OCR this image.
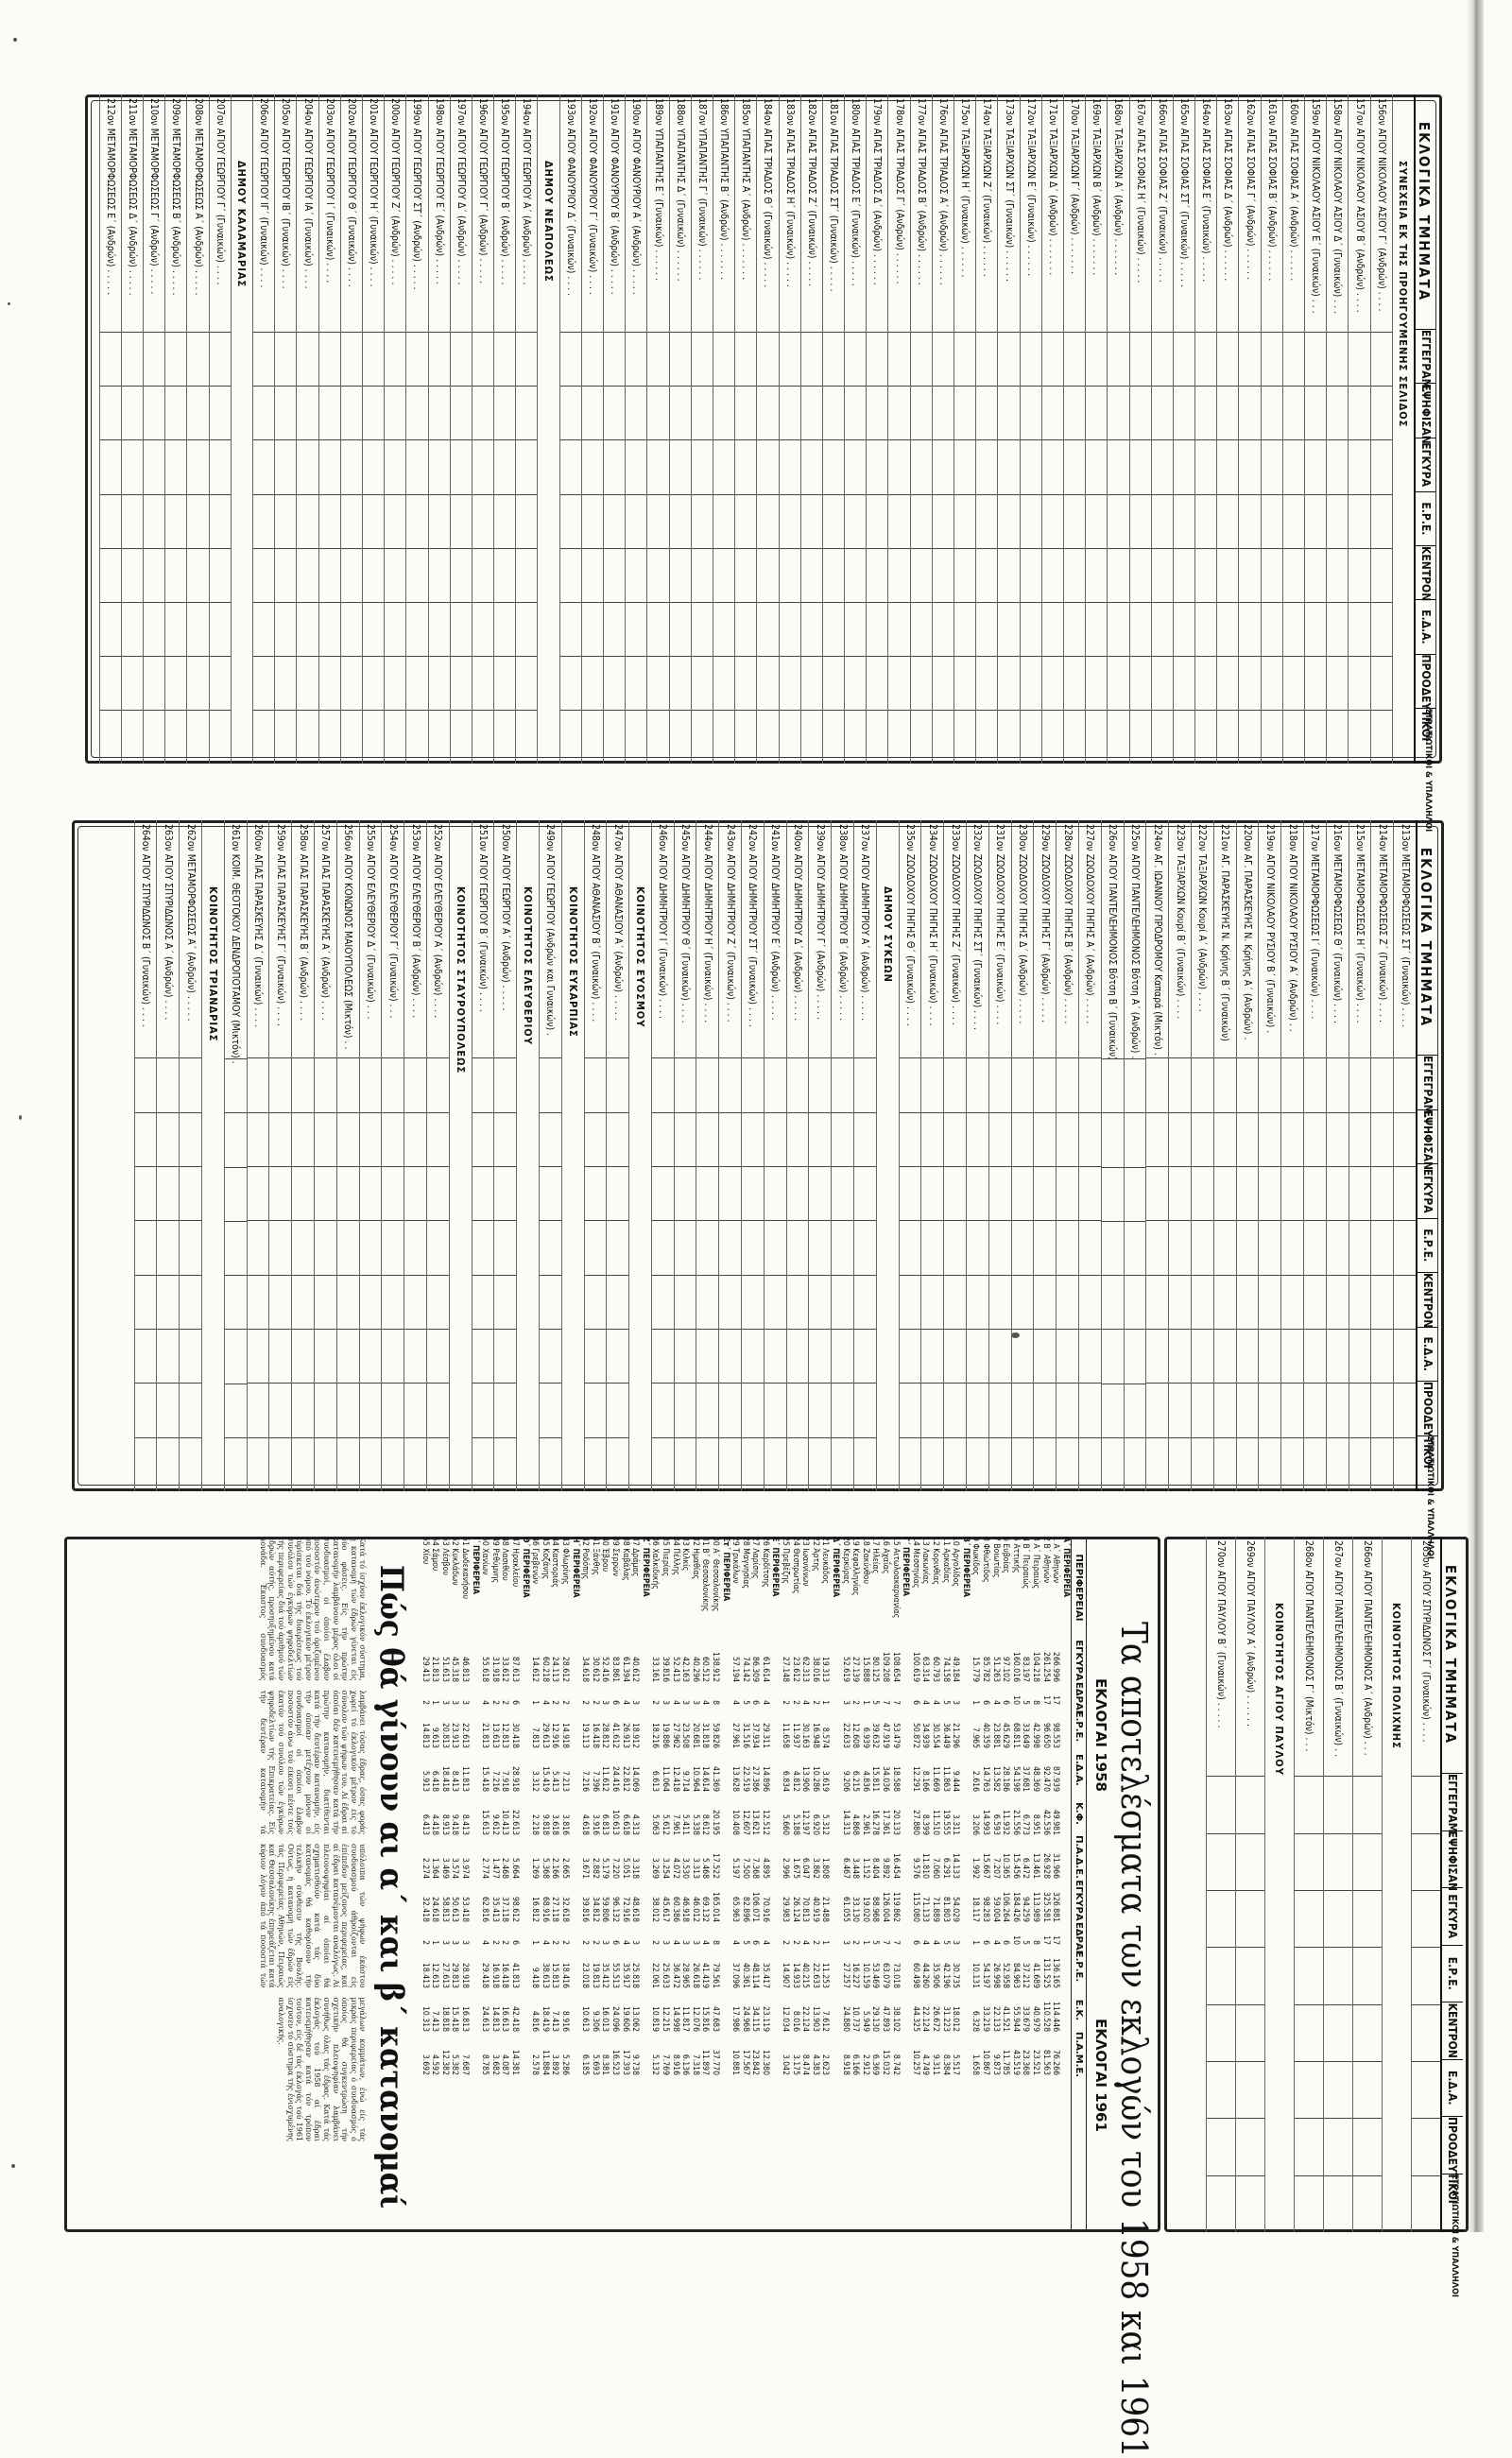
ΕΚΛΟΓΙΚΑ ΤΜΗΜΑΤΑ
ΕΓΓΕΓΡΑΜ.
ΕΨΗΦΙΣΑΝ
ΕΓΚΥΡΑ
Ε.Ρ.Ε.
ΚΕΝΤΡΟΝ
Ε.Δ.Α.
ΠΡΟΟΔΕΥΤΙΚΟΙ
ΣΤΡΑΤΙΩΤΙΚΟΙ & ΥΠΑΛΛΗΛΟΙ
ΣΥΝΕΧΕΙΑ ΕΚ ΤΗΣ ΠΡΟΗΓΟΥΜΕΝΗΣ ΣΕΛΙΔΟΣ
156ον ΑΓΙΟΥ ΝΙΚΟΛΑΟΥ ΑΣΙΟΥ Γ΄ (Ανδρών) . . . .
157ον ΑΓΙΟΥ ΝΙΚΟΛΑΟΥ ΑΣΙΟΥ Β΄ (Ανδρών) . . . .
158ον ΑΓΙΟΥ ΝΙΚΟΛΑΟΥ ΑΣΙΟΥ Δ΄ (Γυναικών) . . .
159ον ΑΓΙΟΥ ΝΙΚΟΛΑΟΥ ΑΣΙΟΥ Ε΄ (Γυναικών) . . .
160ον ΑΓΙΑΣ ΣΟΦΙΑΣ Α΄ (Ανδρών) . . . . . .
161ον ΑΓΙΑΣ ΣΟΦΙΑΣ Β΄ (Ανδρών) . . . . . .
162ον ΑΓΙΑΣ ΣΟΦΙΑΣ Γ΄ (Ανδρών) . . . . . .
163ον ΑΓΙΑΣ ΣΟΦΙΑΣ Δ΄ (Ανδρών) . . . . . .
164ον ΑΓΙΑΣ ΣΟΦΙΑΣ Ε΄ (Γυναικών) . . . . .
165ον ΑΓΙΑΣ ΣΟΦΙΑΣ ΣΤ΄ (Γυναικών) . . . . .
166ον ΑΓΙΑΣ ΣΟΦΙΑΣ Ζ΄ (Γυναικών) . . . . .
167ον ΑΓΙΑΣ ΣΟΦΙΑΣ Η΄ (Γυναικών) . . . . .
168ον ΤΑΞΙΑΡΧΩΝ Α΄ (Ανδρών) . . . . . . .
169ον ΤΑΞΙΑΡΧΩΝ Β΄ (Ανδρών) . . . . . . .
170ον ΤΑΞΙΑΡΧΩΝ Γ΄ (Ανδρών) . . . . . . .
171ον ΤΑΞΙΑΡΧΩΝ Δ΄ (Ανδρών) . . . . . . .
172ον ΤΑΞΙΑΡΧΩΝ Ε΄ (Γυναικών) . . . . . .
173ον ΤΑΞΙΑΡΧΩΝ ΣΤ΄ (Γυναικών) . . . . . .
174ον ΤΑΞΙΑΡΧΩΝ Ζ΄ (Γυναικών) . . . . . .
175ον ΤΑΞΙΑΡΧΩΝ Η΄ (Γυναικών) . . . . . .
176ον ΑΓΙΑΣ ΤΡΙΑΔΟΣ Α΄ (Ανδρών) . . . . . .
177ον ΑΓΙΑΣ ΤΡΙΑΔΟΣ Β΄ (Ανδρών) . . . . . .
178ον ΑΓΙΑΣ ΤΡΙΑΔΟΣ Γ΄ (Ανδρών) . . . . . .
179ον ΑΓΙΑΣ ΤΡΙΑΔΟΣ Δ΄ (Ανδρών) . . . . . .
180ον ΑΓΙΑΣ ΤΡΙΑΔΟΣ Ε΄ (Γυναικών) . . . . .
181ον ΑΓΙΑΣ ΤΡΙΑΔΟΣ ΣΤ΄ (Γυναικών) . . . . .
182ον ΑΓΙΑΣ ΤΡΙΑΔΟΣ Ζ΄ (Γυναικών) . . . . .
183ον ΑΓΙΑΣ ΤΡΙΑΔΟΣ Η΄ (Γυναικών) . . . . .
184ον ΑΓΙΑΣ ΤΡΙΑΔΟΣ Θ΄ (Γυναικών) . . . . .
185ον ΥΠΑΠΑΝΤΗΣ Α΄ (Ανδρών) . . . . . . .
186ον ΥΠΑΠΑΝΤΗΣ Β΄ (Ανδρών) . . . . . . .
187ον ΥΠΑΠΑΝΤΗΣ Γ΄ (Γυναικών) . . . . . .
188ον ΥΠΑΠΑΝΤΗΣ Δ΄ (Γυναικών) . . . . . .
189ον ΥΠΑΠΑΝΤΗΣ Ε΄ (Γυναικών) . . . . . .
190ον ΑΓΙΟΥ ΦΑΝΟΥΡΙΟΥ Α΄ (Ανδρών) . . . . .
191ον ΑΓΙΟΥ ΦΑΝΟΥΡΙΟΥ Β΄ (Ανδρών) . . . . .
192ον ΑΓΙΟΥ ΦΑΝΟΥΡΙΟΥ Γ΄ (Γυναικών) . . . .
193ον ΑΓΙΟΥ ΦΑΝΟΥΡΙΟΥ Δ΄ (Γυναικών) . . . .
ΔΗΜΟΥ ΝΕΑΠΟΛΕΩΣ
194ον ΑΓΙΟΥ ΓΕΩΡΓΙΟΥ Α΄ (Ανδρών) . . . . .
195ον ΑΓΙΟΥ ΓΕΩΡΓΙΟΥ Β΄ (Ανδρών) . . . . .
196ον ΑΓΙΟΥ ΓΕΩΡΓΙΟΥ Γ΄ (Ανδρών) . . . . .
197ον ΑΓΙΟΥ ΓΕΩΡΓΙΟΥ Δ΄ (Ανδρών) . . . . .
198ον ΑΓΙΟΥ ΓΕΩΡΓΙΟΥ Ε΄ (Ανδρών) . . . . .
199ον ΑΓΙΟΥ ΓΕΩΡΓΙΟΥ ΣΤ΄ (Ανδρών) . . . . .
200ον ΑΓΙΟΥ ΓΕΩΡΓΙΟΥ Ζ΄ (Ανδρών) . . . . .
201ον ΑΓΙΟΥ ΓΕΩΡΓΙΟΥ Η΄ (Γυναικών) . . . .
202ον ΑΓΙΟΥ ΓΕΩΡΓΙΟΥ Θ΄ (Γυναικών) . . . .
203ον ΑΓΙΟΥ ΓΕΩΡΓΙΟΥ Ι΄ (Γυναικών) . . . .
204ον ΑΓΙΟΥ ΓΕΩΡΓΙΟΥ ΙΑ΄ (Γυναικών) . . . .
205ον ΑΓΙΟΥ ΓΕΩΡΓΙΟΥ ΙΒ΄ (Γυναικών) . . . .
206ον ΑΓΙΟΥ ΓΕΩΡΓΙΟΥ ΙΓ΄ (Γυναικών) . . . .
ΔΗΜΟΥ ΚΑΛΑΜΑΡΙΑΣ
207ον ΑΓΙΟΥ ΓΕΩΡΓΙΟΥ Γ΄ (Γυναικών) . . . .
208ον ΜΕΤΑΜΟΡΦΩΣΕΩΣ Α΄ (Ανδρών) . . . . .
209ον ΜΕΤΑΜΟΡΦΩΣΕΩΣ Β΄ (Ανδρών) . . . . .
210ον ΜΕΤΑΜΟΡΦΩΣΕΩΣ Γ΄ (Ανδρών) . . . . .
211ον ΜΕΤΑΜΟΡΦΩΣΕΩΣ Δ΄ (Ανδρών) . . . . .
212ον ΜΕΤΑΜΟΡΦΩΣΕΩΣ Ε΄ (Ανδρών) . . . . .
ΕΚΛΟΓΙΚΑ ΤΜΗΜΑΤΑ
ΕΓΓΕΓΡΑΜ.
ΕΨΗΦΙΣΑΝ
ΕΓΚΥΡΑ
Ε.Ρ.Ε.
ΚΕΝΤΡΟΝ
Ε.Δ.Α.
ΠΡΟΟΔΕΥΤΙΚΟΙ
ΣΤΡΑΤΙΩΤΙΚΟΙ & ΥΠΑΛΛΗΛΟΙ
213ον ΜΕΤΑΜΟΡΦΩΣΕΩΣ ΣΤ΄ (Γυναικών) . . . .
214ον ΜΕΤΑΜΟΡΦΩΣΕΩΣ Ζ΄ (Γυναικών) . . . .
215ον ΜΕΤΑΜΟΡΦΩΣΕΩΣ Η΄ (Γυναικών) . . . .
216ον ΜΕΤΑΜΟΡΦΩΣΕΩΣ Θ΄ (Γυναικών) . . . .
217ον ΜΕΤΑΜΟΡΦΩΣΕΩΣ Ι΄ (Γυναικών) . . . .
218ον ΑΓΙΟΥ ΝΙΚΟΛΑΟΥ ΡΥΣΙΟΥ Α΄ (Ανδρών) . .
219ον ΑΓΙΟΥ ΝΙΚΟΛΑΟΥ ΡΥΣΙΟΥ Β΄ (Γυναικών) .
220ον ΑΓ. ΠΑΡΑΣΚΕΥΗΣ Ν. Κρήνης Α΄ (Ανδρών) .
221ον ΑΓ. ΠΑΡΑΣΚΕΥΗΣ Ν. Κρήνης Β΄ (Γυναικών)
222ον ΤΑΞΙΑΡΧΩΝ Κουρί Α΄ (Ανδρών) . . . .
223ον ΤΑΞΙΑΡΧΩΝ Κουρί Β΄ (Γυναικών) . . . .
224ον ΑΓ. ΙΩΑΝΝΟΥ ΠΡΟΔΡΟΜΟΥ Καπαρά (Μικτόν) .
225ον ΑΓΙΟΥ ΠΑΝΤΕΛΕΗΜΟΝΟΣ Βότση Α΄ (Ανδρών) .
226ον ΑΓΙΟΥ ΠΑΝΤΕΛΕΗΜΟΝΟΣ Βότση Β΄ (Γυναικών)
227ον ΖΩΟΔΟΧΟΥ ΠΗΓΗΣ Α΄ (Ανδρών) . . . . .
228ον ΖΩΟΔΟΧΟΥ ΠΗΓΗΣ Β΄ (Ανδρών) . . . . .
229ον ΖΩΟΔΟΧΟΥ ΠΗΓΗΣ Γ΄ (Ανδρών) . . . . .
230ον ΖΩΟΔΟΧΟΥ ΠΗΓΗΣ Δ΄ (Ανδρών) . . . . .
231ον ΖΩΟΔΟΧΟΥ ΠΗΓΗΣ Ε΄ (Γυναικών) . . . .
232ον ΖΩΟΔΟΧΟΥ ΠΗΓΗΣ ΣΤ΄ (Γυναικών) . . . .
233ον ΖΩΟΔΟΧΟΥ ΠΗΓΗΣ Ζ΄ (Γυναικών) . . . .
234ον ΖΩΟΔΟΧΟΥ ΠΗΓΗΣ Η΄ (Γυναικών) . . . .
235ον ΖΩΟΔΟΧΟΥ ΠΗΓΗΣ Θ΄ (Γυναικών) . . . .
ΔΗΜΟΥ ΣΥΚΕΩΝ
237ον ΑΓΙΟΥ ΔΗΜΗΤΡΙΟΥ Α΄ (Ανδρών) . . . . .
238ον ΑΓΙΟΥ ΔΗΜΗΤΡΙΟΥ Β΄ (Ανδρών) . . . . .
239ον ΑΓΙΟΥ ΔΗΜΗΤΡΙΟΥ Γ΄ (Ανδρών) . . . . .
240ον ΑΓΙΟΥ ΔΗΜΗΤΡΙΟΥ Δ΄ (Ανδρών) . . . . .
241ον ΑΓΙΟΥ ΔΗΜΗΤΡΙΟΥ Ε΄ (Ανδρών) . . . . .
242ον ΑΓΙΟΥ ΔΗΜΗΤΡΙΟΥ ΣΤ΄ (Γυναικών) . . . .
243ον ΑΓΙΟΥ ΔΗΜΗΤΡΙΟΥ Ζ΄ (Γυναικών) . . . .
244ον ΑΓΙΟΥ ΔΗΜΗΤΡΙΟΥ Η΄ (Γυναικών) . . . .
245ον ΑΓΙΟΥ ΔΗΜΗΤΡΙΟΥ Θ΄ (Γυναικών) . . . .
246ον ΑΓΙΟΥ ΔΗΜΗΤΡΙΟΥ Ι΄ (Γυναικών) . . . .
ΚΟΙΝΟΤΗΤΟΣ ΕΥΟΣΜΟΥ
247ον ΑΓΙΟΥ ΑΘΑΝΑΣΙΟΥ Α΄ (Ανδρών) . . . . .
248ον ΑΓΙΟΥ ΑΘΑΝΑΣΙΟΥ Β΄ (Γυναικών) . . . .
ΚΟΙΝΟΤΗΤΟΣ ΕΥΚΑΡΠΙΑΣ
249ον ΑΓΙΟΥ ΓΕΩΡΓΙΟΥ (Ανδρών και Γυναικών) .
ΚΟΙΝΟΤΗΤΟΣ ΕΛΕΥΘΕΡΙΟΥ
250ον ΑΓΙΟΥ ΓΕΩΡΓΙΟΥ Α΄ (Ανδρών) . . . . .
251ον ΑΓΙΟΥ ΓΕΩΡΓΙΟΥ Β΄ (Γυναικών) . . . .
ΚΟΙΝΟΤΗΤΟΣ ΣΤΑΥΡΟΥΠΟΛΕΩΣ
252ον ΑΓΙΟΥ ΕΛΕΥΘΕΡΙΟΥ Α΄ (Ανδρών) . . . .
253ον ΑΓΙΟΥ ΕΛΕΥΘΕΡΙΟΥ Β΄ (Ανδρών) . . . .
254ον ΑΓΙΟΥ ΕΛΕΥΘΕΡΙΟΥ Γ΄ (Γυναικών) . . .
255ον ΑΓΙΟΥ ΕΛΕΥΘΕΡΙΟΥ Δ΄ (Γυναικών) . . .
256ον ΑΓΙΟΥ ΚΟΝΩΝΟΣ ΜΑΙΟΥΠΟΛΕΩΣ (Μικτόν) . .
257ον ΑΓΙΑΣ ΠΑΡΑΣΚΕΥΗΣ Α΄ (Ανδρών) . . . .
258ον ΑΓΙΑΣ ΠΑΡΑΣΚΕΥΗΣ Β΄ (Ανδρών) . . . .
259ον ΑΓΙΑΣ ΠΑΡΑΣΚΕΥΗΣ Γ΄ (Γυναικών) . . . .
260ον ΑΓΙΑΣ ΠΑΡΑΣΚΕΥΗΣ Δ΄ (Γυναικών) . . . .
261ον ΚΟΙΜ. ΘΕΟΤΟΚΟΥ ΔΕΝΔΡΟΠΟΤΑΜΟΥ (Μικτόν) .
ΚΟΙΝΟΤΗΤΟΣ ΤΡΙΑΝΔΡΙΑΣ
262ον ΜΕΤΑΜΟΡΦΩΣΕΩΣ Α΄ (Ανδρών) . . . . .
263ον ΑΓΙΟΥ ΣΠΥΡΙΔΩΝΟΣ Α΄ (Ανδρών) . . . .
264ον ΑΓΙΟΥ ΣΠΥΡΙΔΩΝΟΣ Β΄ (Γυναικών) . . . .
ΕΚΛΟΓΙΚΑ ΤΜΗΜΑΤΑ
ΕΓΓΕΓΡΑΜ.
ΕΨΗΦΙΣΑΝ
ΕΓΚΥΡΑ
Ε.Ρ.Ε.
ΚΕΝΤΡΟΝ
Ε.Δ.Α.
ΠΡΟΟΔΕΥΤΙΚΟΙ
ΣΤΡΑΤΙΩΤΙΚΟΙ & ΥΠΑΛΛΗΛΟΙ
265ον ΑΓΙΟΥ ΣΠΥΡΙΔΩΝΟΣ Γ΄ (Γυναικών) . . . .
ΚΟΙΝΟΤΗΤΟΣ ΠΟΛΙΧΝΗΣ
266ον ΑΓΙΟΥ ΠΑΝΤΕΛΕΗΜΟΝΟΣ Α΄ (Ανδρών) . . .
267ον ΑΓΙΟΥ ΠΑΝΤΕΛΕΗΜΟΝΟΣ Β΄ (Γυναικών) . .
268ον ΑΓΙΟΥ ΠΑΝΤΕΛΕΗΜΟΝΟΣ Γ΄ (Μικτόν) . . .
ΚΟΙΝΟΤΗΤΟΣ ΑΓΙΟΥ ΠΑΥΛΟΥ
269ον ΑΓΙΟΥ ΠΑΥΛΟΥ Α΄ (Ανδρών) . . . . . .
270ον ΑΓΙΟΥ ΠΑΥΛΟΥ Β΄ (Γυναικών) . . . . .
Τα αποτελέσματα των εκλογών του 1958 και 1961
ΕΚΛΟΓΑΙ 1958
ΕΚΛΟΓΑΙ 1961
ΠΕΡΙΦΕΡΕΙΑΙ
ΕΓΚΥΡΑ
ΕΔΡΑΙ
Ε.Ρ.Ε.
Ε.Δ.Α.
Κ.Φ.
Π.Α.Δ.Ε.
ΕΓΚΥΡΑ
ΕΔΡΑΙ
Ε.Ρ.Ε.
Ε.Κ.
Π.Α.Μ.Ε.
Α΄ ΠΕΡΙΦΕΡΕΙΑ
1 Α΄ Αθηνών
266.996
17
98.553
87.939
49.981
31.966
326.881
17
136.165
114.446
76.266
2 Β΄ Αθηνών
261.254
17
96.650
92.470
42.536
26.928
325.581
17
131.525
110.528
81.563
3 Α΄ Πειραιώς
104.218
8
42.998
48.369
8.951
13.461
113.989
8
41.689
40.979
23.521
4 Β΄ Πειραιώς
83.197
5
33.649
37.681
6.773
6.472
94.259
5
37.212
33.679
23.368
5 Αττικής
160.016
10
68.811
54.198
21.556
15.456
184.426
10
84.963
55.944
43.519
6 Ευβοίας
97.102
6
45.629
28.186
11.932
10.365
106.264
6
52.958
41.521
11.785
7 Βοιωτίας
51.263
4
23.881
13.582
6.593
7.207
59.004
4
26.998
22.133
9.873
8 Φθιώτιδος
85.782
6
40.359
14.763
14.993
15.667
98.283
6
54.197
33.219
10.867
9 Φωκίδος
15.779
1
7.965
2.616
3.206
1.992
18.117
1
10.131
6.328
1.658
Β΄ ΠΕΡΙΦΕΡΕΙΑ
10 Αργολίδος
49.184
3
21.296
9.444
3.311
14.133
54.029
3
30.735
18.012
5.517
11 Αρκαδίας
74.158
5
36.449
11.863
19.555
6.291
81.803
5
42.196
31.223
8.384
12 Κορινθίας
60.793
4
30.554
11.669
11.510
7.060
71.889
4
35.906
26.672
9.311
13 Λακωνίας
63.314
4
34.939
8.166
8.399
11.810
71.133
4
44.260
22.124
4.749
14 Μεσσηνίας
100.619
6
50.872
12.291
27.880
9.576
115.080
6
60.498
44.325
10.257
Γ΄ ΠΕΡΙΦΕΡΕΙΑ
15 Αιτωλοακαρνανίας
108.654
7
53.479
18.588
20.133
16.454
119.862
7
73.018
38.102
8.742
16 Αχαΐας
109.208
7
47.919
34.036
17.361
9.892
126.004
7
63.079
47.893
15.032
17 Ηλείας
80.125
5
39.632
15.811
16.278
8.404
88.968
5
53.469
29.130
6.369
18 Ζακύνθου
15.888
1
6.939
4.836
2.961
1.152
19.020
1
10.159
5.949
2.912
19 Κεφαλληνίας
27.139
2
12.608
6.215
4.868
3.448
33.130
2
16.227
10.737
6.166
20 Κερκύρας
52.619
3
22.633
9.206
14.313
6.467
61.055
3
27.257
24.880
8.918
Δ΄ ΠΕΡΙΦΕΡΕΙΑ
21 Λευκάδος
19.313
1
8.574
3.619
5.312
1.808
21.488
1
11.253
7.612
2.623
22 Άρτης
38.016
2
16.948
10.286
6.920
3.862
40.919
2
22.633
13.903
4.383
23 Ιωαννίνων
62.313
4
30.163
13.906
12.197
6.047
70.813
4
40.215
22.124
8.474
24 Θεσπρωτίας
23.612
2
11.937
4.812
5.188
1.675
26.124
2
14.933
8.016
3.175
25 Πρεβέζης
27.148
2
11.658
6.834
5.660
2.996
29.983
2
14.907
12.034
3.042
Ε΄ ΠΕΡΙΦΕΡΕΙΑ
26 Καρδίτσης
61.614
4
29.311
14.896
12.512
4.895
70.916
4
35.417
23.119
12.380
27 Λαρίσης
86.309
6
37.934
27.386
13.621
7.368
106.071
6
48.114
34.115
23.842
28 Μαγνησίας
74.142
5
31.516
22.519
12.607
7.500
82.896
5
40.361
24.968
17.567
29 Τρικάλων
57.194
4
27.961
13.628
10.408
5.197
65.963
4
37.096
17.986
10.881
Στ΄ ΠΕΡΙΦΕΡΕΙΑ
30 Α΄ Θεσσαλονίκης
138.912
8
59.826
41.369
20.195
17.522
165.014
8
79.561
47.683
37.770
31 Β΄ Θεσσαλονίκης
60.512
4
31.818
14.614
8.612
5.468
69.132
4
41.419
15.816
11.897
32 Ημαθίας
40.296
3
20.681
10.964
5.338
3.313
46.012
3
26.618
12.076
7.318
33 Κιλκίς
42.163
3
23.508
9.714
5.411
3.530
46.918
3
28.965
11.817
6.136
34 Πέλλης
52.413
4
27.962
12.418
7.961
4.072
60.386
4
36.472
14.998
8.916
35 Πιερίας
39.816
3
19.886
11.064
5.612
3.254
45.617
3
25.633
12.215
7.769
36 Χαλκιδικής
33.161
2
18.216
6.613
5.063
3.269
38.012
2
22.061
10.819
5.132
Ζ΄ ΠΕΡΙΦΕΡΕΙΑ
37 Δράμας
40.612
3
18.912
14.069
4.313
3.318
48.618
3
25.818
13.062
9.738
38 Καβάλας
61.394
4
26.913
22.812
6.618
5.051
72.916
4
35.917
19.606
17.393
39 Σερρών
83.861
6
41.612
24.416
10.613
7.220
96.132
6
55.513
24.096
16.523
40 Έβρου
52.416
3
28.812
11.612
6.813
5.179
59.806
3
35.412
16.013
8.381
41 Ξάνθης
30.612
2
16.418
7.396
3.916
2.882
34.812
2
19.813
9.306
5.693
42 Ροδόπης
34.618
2
19.113
7.216
4.618
3.671
39.816
2
23.018
10.613
6.185
Η΄ ΠΕΡΙΦΕΡΕΙΑ
43 Φλωρίνης
28.612
2
14.918
7.213
3.816
2.665
32.618
2
18.416
8.916
5.286
44 Καστοριάς
24.113
2
12.916
5.413
3.618
2.166
27.118
2
15.813
7.413
3.892
45 Κοζάνης
60.218
4
29.613
15.419
9.818
5.368
68.916
4
38.613
18.419
11.884
46 Γρεβενών
14.612
1
7.813
3.312
2.218
1.269
16.812
1
9.418
4.816
2.578
Θ΄ ΠΕΡΙΦΕΡΕΙΑ
47 Ηρακλείου
87.613
6
30.418
28.918
22.613
5.664
98.612
6
41.813
42.418
14.381
48 Λασιθίου
33.612
2
12.813
7.918
10.413
2.468
37.118
2
16.418
16.613
4.087
49 Ρεθύμνης
31.918
2
13.613
7.216
9.612
1.477
35.413
2
16.918
14.813
3.682
50 Χανίων
55.618
4
21.813
15.418
15.613
2.774
62.816
4
29.418
24.613
8.785
Ι΄ ΠΕΡΙΦΕΡΕΙΑ
51 Δωδεκανήσου
46.813
3
22.613
11.813
8.413
3.974
53.418
3
28.918
16.813
7.687
52 Κυκλάδων
45.318
3
23.913
8.413
9.418
3.574
50.613
3
29.813
15.418
5.382
53 Λέσβου
51.613
3
20.813
18.418
8.913
3.469
58.813
3
27.613
18.818
12.382
54 Σάμου
21.813
1
9.613
6.418
4.418
1.364
24.618
1
12.613
7.413
4.592
55 Χίου
29.413
2
14.813
5.913
6.413
2.274
32.418
2
18.413
10.313
3.692
Πώς θά γίνουν αι α΄ και β΄ κατανομαί
Κατά τό ίσχύον έκλογικόν σύστημα, ή κατανομή τών έδρών γίνεται είς δύο φάσεις. Είς τήν πρώτην κατανομήν λαμβάνουν μέρος όλοι οί συνδυασμοί, οί όποίοι έλαβον ποσοστόν άνώτερον τού όριζομένου υπό τού νόμου. Τό έκλογικόν μέτρον εύρίσκεται διά τής διαιρέσεως τού συνόλου τών έγκύρων ψηφοδελτίων τής περιφερείας διά τού άριθμού τών έδρών αύτής, προσηυξημένου κατά μονάδα. Έκαστος συνδυασμός λαμβάνει τόσας έδρας, όσας φοράς χωρεί τό έκλογικόν μέτρον είς τό σύνολον τών ψήφων του. Αί έδραι αί όποίαι δέν κατενεμήθησαν κατά τήν πρώτην κατανομήν, διατίθενται κατά τήν δευτέραν κατανομήν, είς τήν όποίαν μετέχουν μόνον οί συνδυασμοί οί όποίοι έλαβον ποσοστόν άνω τού είκοσι πέντε τοίς έκατόν τού συνόλου τών έγκύρων ψηφοδελτίων τής Επικρατείας. Είς τήν δευτέραν κατανομήν τά υπόλοιπα τών ψήφων έκάστου συνδυασμού άθροίζονται είς έπίπεδον μείζονος περιφερείας, καί αί έδραι κατανέμονται αναλόγως. Αί πλειονοψηφίαι αί όποίαι θά σχηματισθούν κατά τάς δύο κατανομάς θά καθορίσουν τήν τελικήν σύνθεσιν τής Βουλής. Ούτως, ή κατανομή τών έδρών είς τάς Περιφερείας Αθηνών, Πειραιώς καί Θεσσαλονίκης έπηρεάζεται κατά κύριον λόγον άπό τά ποσοστά τών μεγάλων κομμάτων, ένώ είς τάς μικράς περιφερείας ό συνδυασμός ό όποίος θά συγκεντρώση τήν σχετικήν πλειοψηφίαν λαμβάνει συνήθως όλας τάς έδρας. Κατά τάς έκλογάς τού 1958 αί έδραι κατενεμήθησαν κατά τόν τρόπον τούτον, είς δέ τάς έκλογάς τού 1961 ίσχυσεν τό σύστημα τής ένισχυμένης αναλογικής.
